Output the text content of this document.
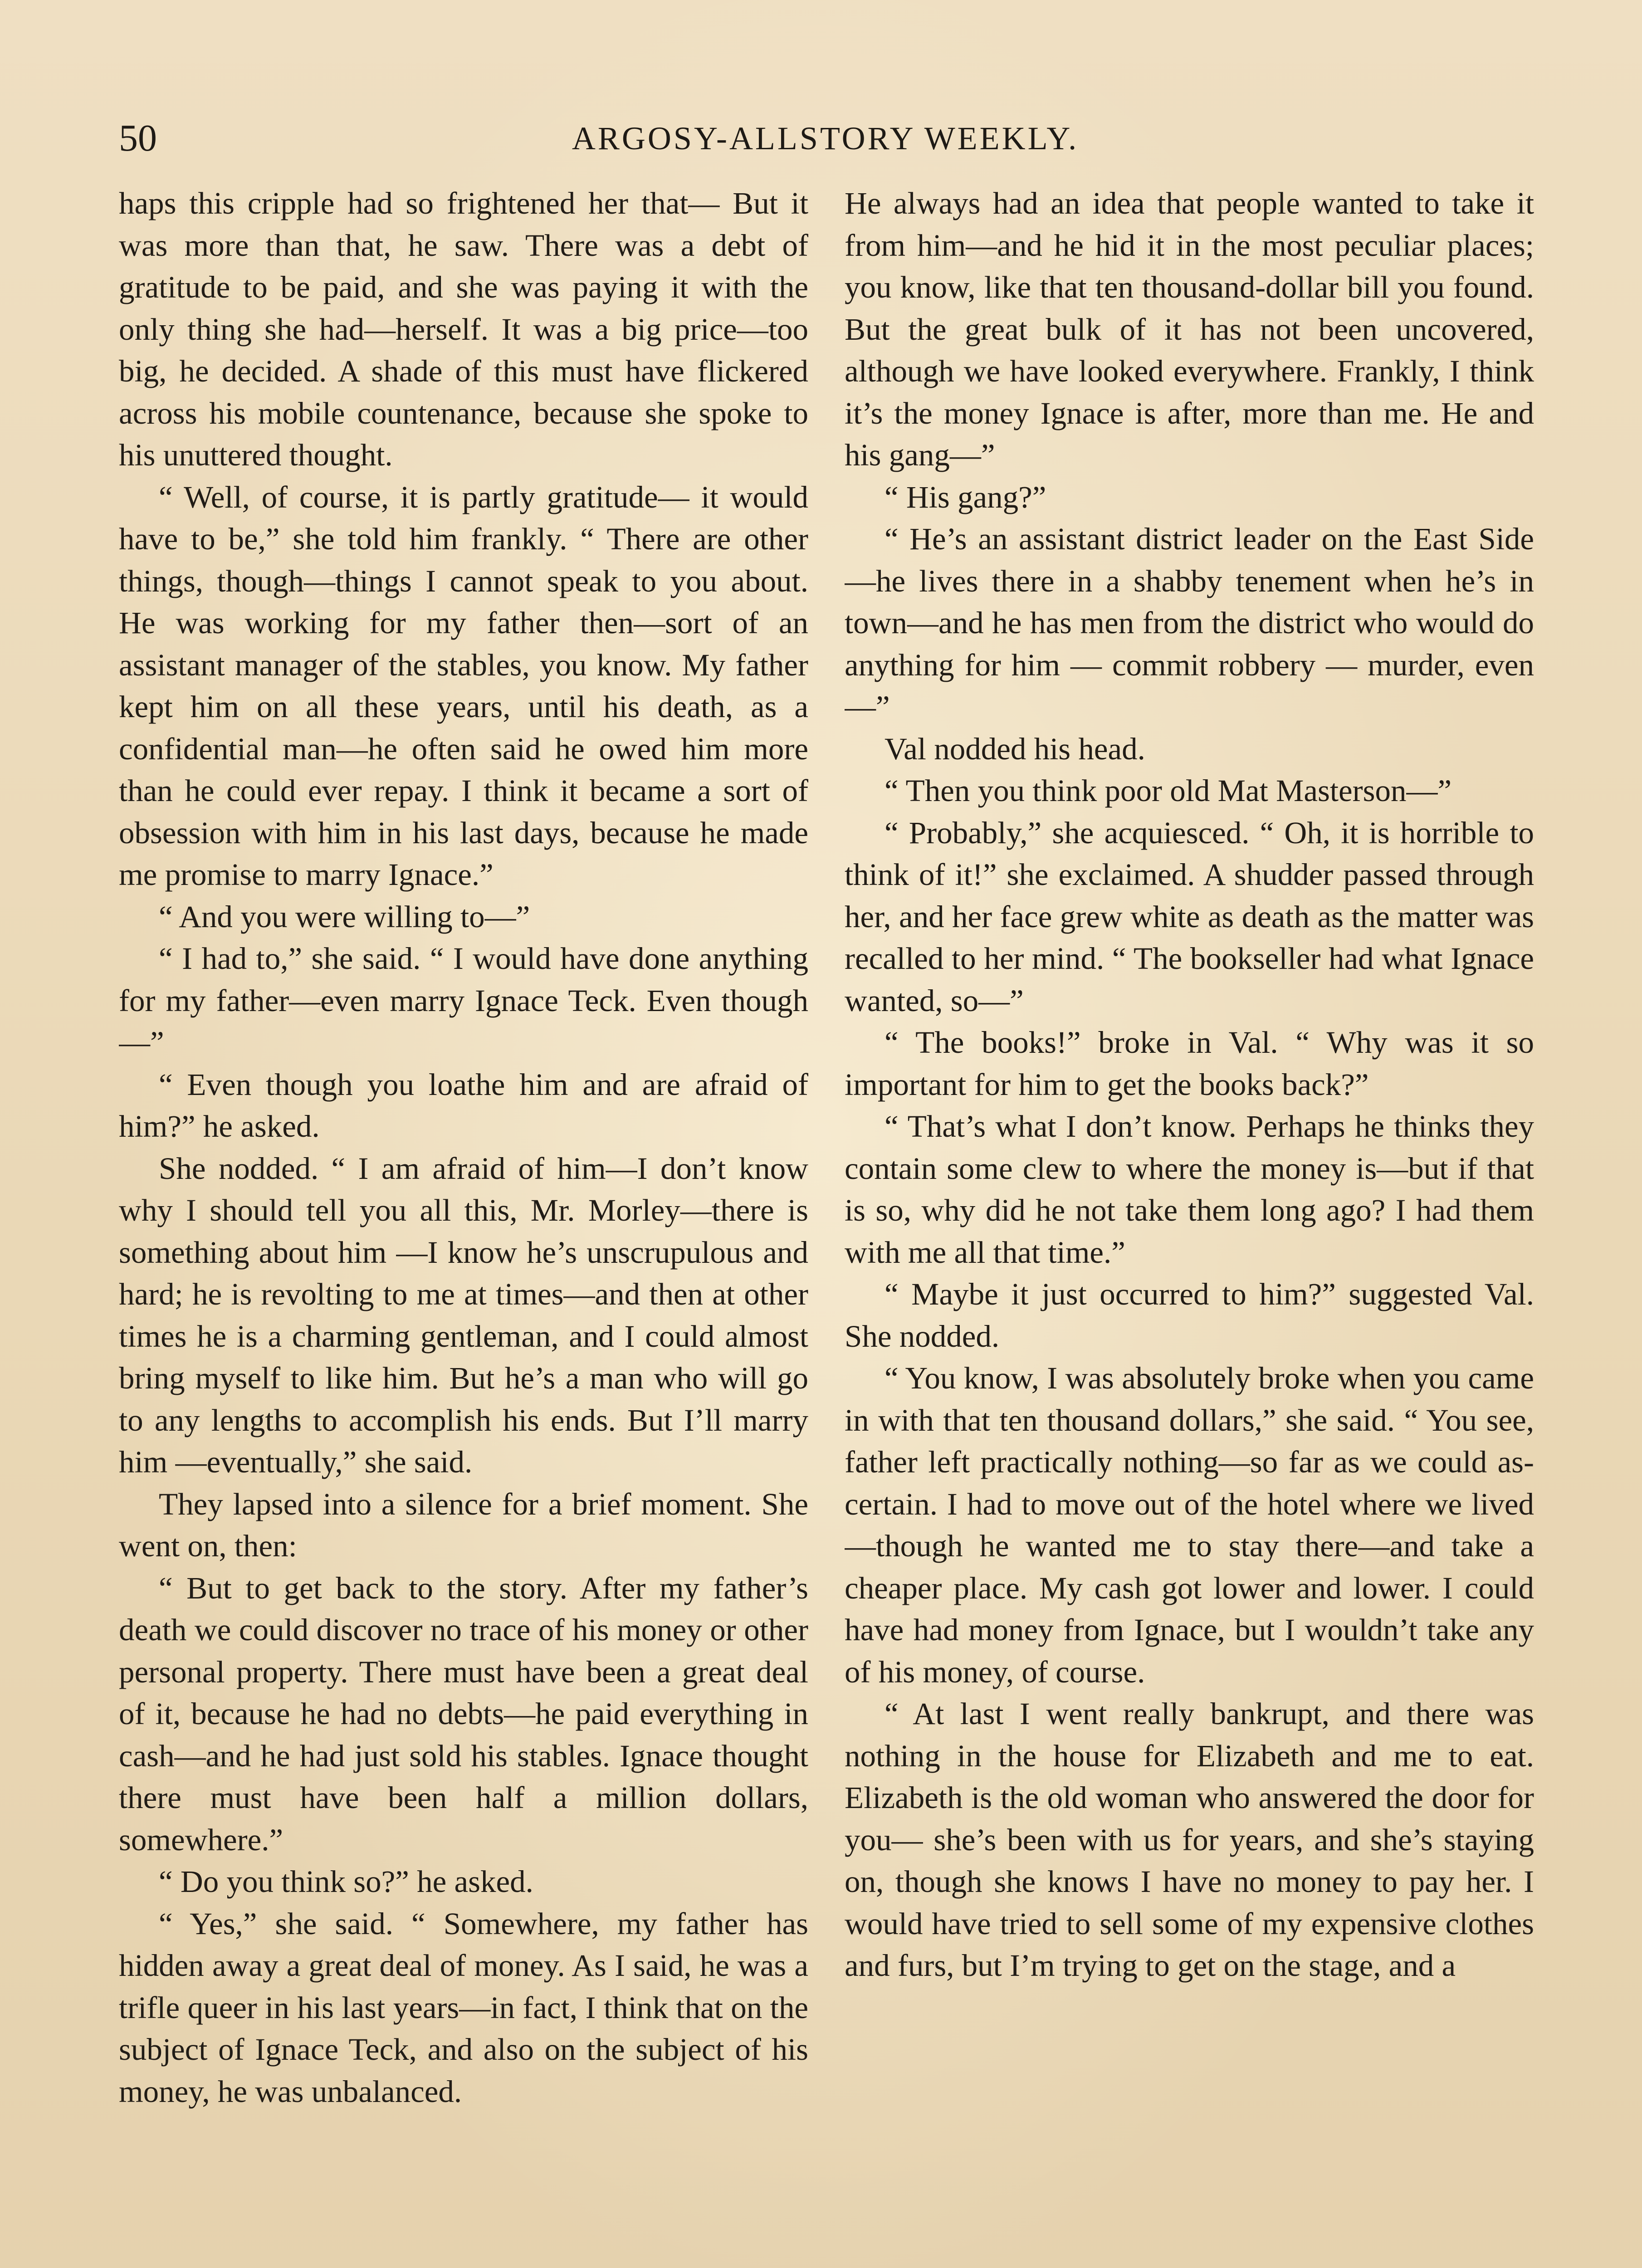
50	ARGOSY-ALLSTORY WEEKLY.

haps this cripple had so frightened her that— But it was more than that, he saw. There was a debt of gratitude to be paid, and she was paying it with the only thing she had—herself. It was a big price—too big, he decided. A shade of this must have flickered across his mobile countenance, because she spoke to his unuttered thought.

“ Well, of course, it is partly gratitude— it would have to be,” she told him frankly. “ There are other things, though—things I cannot speak to you about. He was working for my father then—sort of an assistant manager of the stables, you know. My father kept him on all these years, until his death, as a confidential man—he often said he owed him more than he could ever repay. I think it became a sort of obsession with him in his last days, because he made me promise to marry Ignace.”

“ And you were willing to—”

“ I had to,” she said. “ I would have done anything for my father—even marry Ignace Teck. Even though—”

“ Even though you loathe him and are afraid of him?” he asked.

She nodded. “ I am afraid of him—I don’t know why I should tell you all this, Mr. Morley—there is something about him —I know he’s unscrupulous and hard; he is revolting to me at times—and then at other times he is a charming gentleman, and I could almost bring myself to like him. But he’s a man who will go to any lengths to accomplish his ends. But I’ll marry him —eventually,” she said.

They lapsed into a silence for a brief moment. She went on, then:

“ But to get back to the story. After my father’s death we could discover no trace of his money or other personal property. There must have been a great deal of it, because he had no debts—he paid everything in cash—and he had just sold his stables. Ignace thought there must have been half a million dollars, somewhere.”

“ Do you think so?” he asked.

“ Yes,” she said. “ Somewhere, my father has hidden away a great deal of money. As I said, he was a trifle queer in his last years—in fact, I think that on the subject of Ignace Teck, and also on the subject of his money, he was unbalanced.

He always had an idea that people wanted to take it from him—and he hid it in the most peculiar places; you know, like that ten thousand-dollar bill you found. But the great bulk of it has not been uncovered, although we have looked everywhere. Frankly, I think it’s the money Ignace is after, more than me. He and his gang—”

“ His gang?”

“ He’s an assistant district leader on the East Side—he lives there in a shabby tenement when he’s in town—and he has men from the district who would do anything for him — commit robbery — murder, even—”

Val nodded his head.

“ Then you think poor old Mat Masterson—”

“ Probably,” she acquiesced. “ Oh, it is horrible to think of it!” she exclaimed. A shudder passed through her, and her face grew white as death as the matter was recalled to her mind. “ The bookseller had what Ignace wanted, so—”

“ The books!” broke in Val. “ Why was it so important for him to get the books back?”

“ That’s what I don’t know. Perhaps he thinks they contain some clew to where the money is—but if that is so, why did he not take them long ago? I had them with me all that time.”

“ Maybe it just occurred to him?” suggested Val. She nodded.

“ You know, I was absolutely broke when you came in with that ten thousand dollars,” she said. “ You see, father left practically nothing—so far as we could ascertain. I had to move out of the hotel where we lived—though he wanted me to stay there—and take a cheaper place. My cash got lower and lower. I could have had money from Ignace, but I wouldn’t take any of his money, of course.

“ At last I went really bankrupt, and there was nothing in the house for Elizabeth and me to eat. Elizabeth is the old woman who answered the door for you— she’s been with us for years, and she’s staying on, though she knows I have no money to pay her. I would have tried to sell some of my expensive clothes and furs, but I’m trying to get on the stage, and a
